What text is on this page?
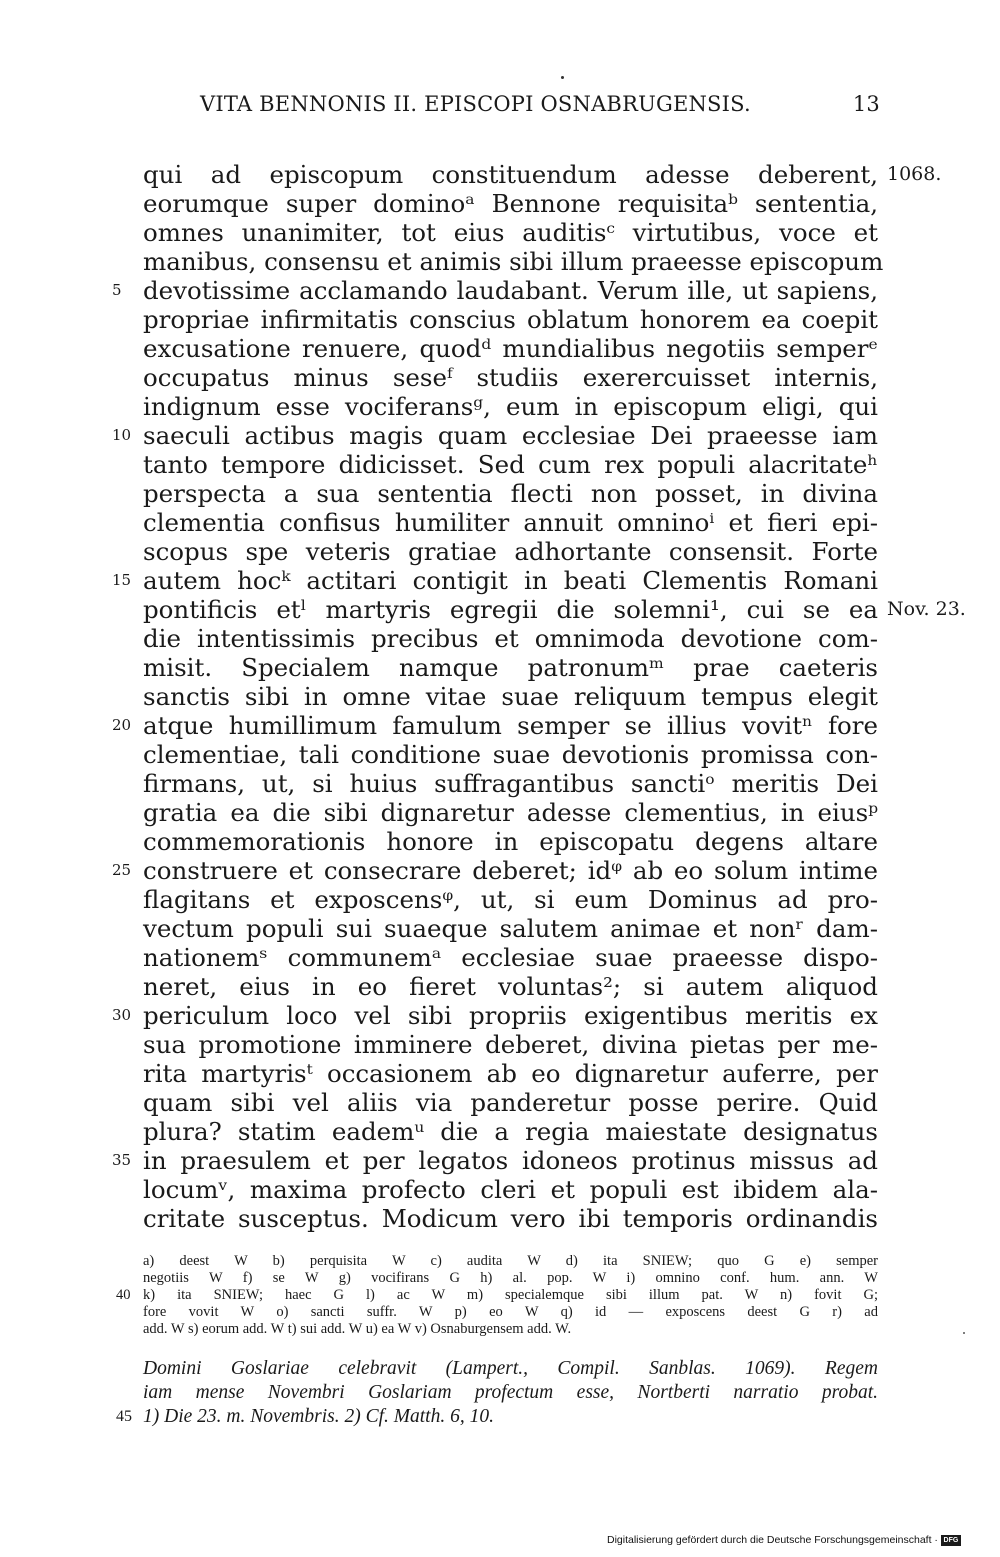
VITA BENNONIS II. EPISCOPI OSNABRUGENSIS.	13
1068.
Nov. 23.
qui ad episcopum constituendum adesse deberent,
eorumque super dominoᵃ Bennone requisitaᵇ sententia,
omnes unanimiter, tot eius auditisᶜ virtutibus, voce et
manibus, consensu et animis sibi illum praeesse episcopum
5 devotissime acclamando laudabant. Verum ille, ut sapiens,
propriae infirmitatis conscius oblatum honorem ea coepit
excusatione renuere, quodᵈ mundialibus negotiis semperᵉ
occupatus minus seseᶠ studiis exerercuisset internis,
indignum esse vociferansᵍ, eum in episcopum eligi, qui
10 saeculi actibus magis quam ecclesiae Dei praeesse iam
tanto tempore didicisset. Sed cum rex populi alacritateʰ
perspecta a sua sententia flecti non posset, in divina
clementia confisus humiliter annuit omninoⁱ et fieri epi-
scopus spe veteris gratiae adhortante consensit. Forte
15 autem hocᵏ actitari contigit in beati Clementis Romani
pontificis etˡ martyris egregii die solemni¹, cui se ea
die intentissimis precibus et omnimoda devotione com-
misit. Specialem namque patronumᵐ prae caeteris
sanctis sibi in omne vitae suae reliquum tempus elegit
20 atque humillimum famulum semper se illius vovitⁿ fore
clementiae, tali conditione suae devotionis promissa con-
firmans, ut, si huius suffragantibus sanctiᵒ meritis Dei
gratia ea die sibi dignaretur adesse clementius, in eiusᵖ
commemorationis honore in episcopatu degens altare
25 construere et consecrare deberet; idᵠ ab eo solum intime
flagitans et exposcensᵠ, ut, si eum Dominus ad pro-
vectum populi sui suaeque salutem animae et nonʳ dam-
nationemˢ communemᵃ ecclesiae suae praeesse dispo-
neret, eius in eo fieret voluntas²; si autem aliquod
30 periculum loco vel sibi propriis exigentibus meritis ex
sua promotione imminere deberet, divina pietas per me-
rita martyrisᵗ occasionem ab eo dignaretur auferre, per
quam sibi vel aliis via panderetur posse perire. Quid
plura? statim eademᵘ die a regia maiestate designatus
35 in praesulem et per legatos idoneos protinus missus ad
locumᵛ, maxima profecto cleri et populi est ibidem ala-
critate susceptus. Modicum vero ibi temporis ordinandis
a) deest W b) perquisita W c) audita W d) ita SNIEW; quo G e) semper
negotiis W f) se W g) vocifirans G h) al. pop. W i) omnino conf. hum. ann. W
40 k) ita SNIEW; haec G l) ac W m) specialemque sibi illum pat. W n) fovit G;
fore vovit W o) sancti suffr. W p) eo W q) id — exposcens deest G r) ad
add. W s) eorum add. W t) sui add. W u) ea W v) Osnaburgensem add. W.
Domini Goslariae celebravit (Lampert., Compil. Sanblas. 1069). Regem
iam mense Novembri Goslariam profectum esse, Nortberti narratio probat.
45 1) Die 23. m. Novembris. 2) Cf. Matth. 6, 10.
Digitalisierung gefördert durch die Deutsche Forschungsgemeinschaft · DFG
